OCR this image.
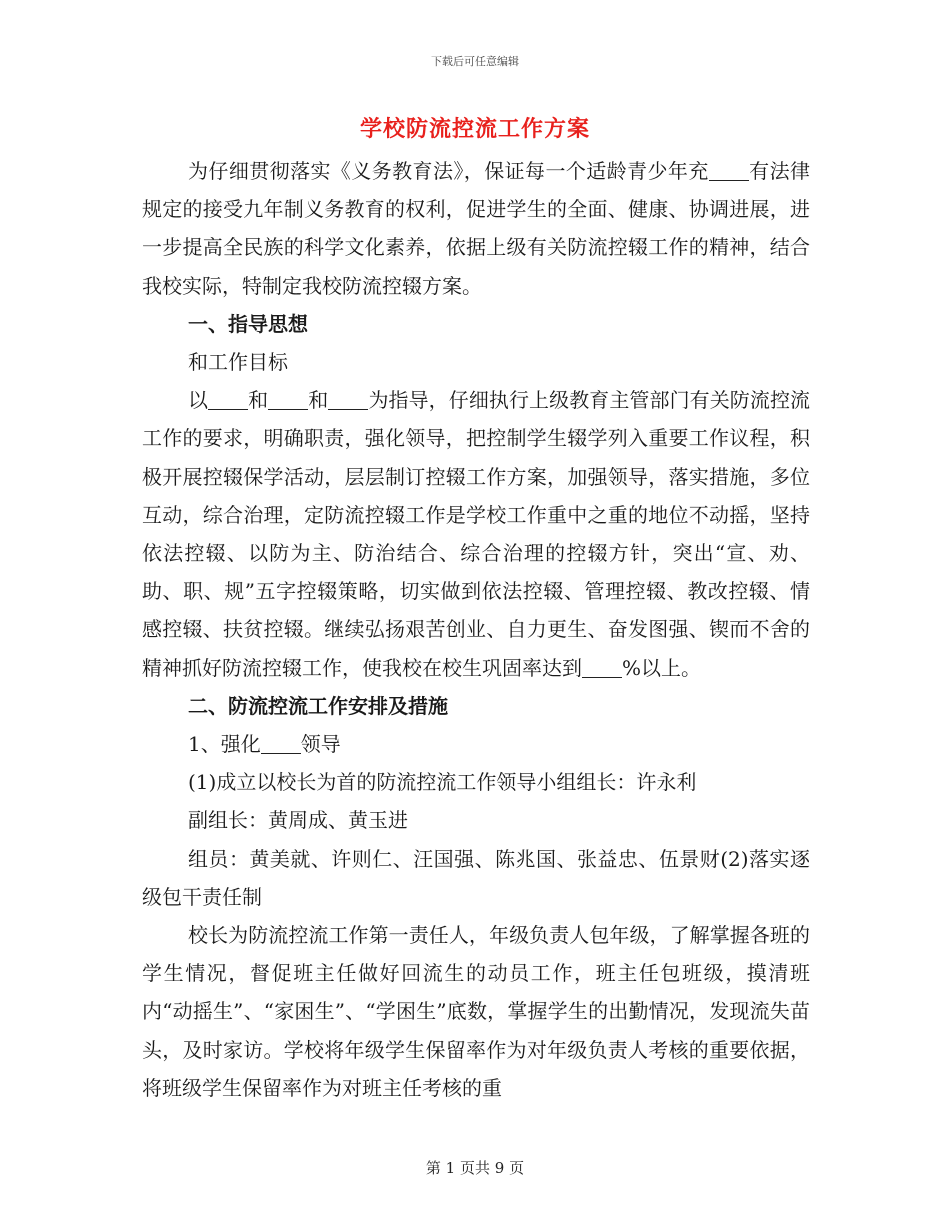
下载后可任意编辑
学校防流控流工作方案

为仔细贯彻落实《义务教育法》，保证每一个适龄青少年充 有法律规定的接受九年制义务教育的权利，促进学生的全面、健康、协调进展，进一步提高全民族的科学文化素养，依据上级有关防流控辍工作的精神，结合我校实际，特制定我校防流控辍方案。

一、指导思想

和工作目标

以 和 和 为指导，仔细执行上级教育主管部门有关防流控流工作的要求，明确职责，强化领导，把控制学生辍学列入重要工作议程，积极开展控辍保学活动，层层制订控辍工作方案，加强领导，落实措施，多位互动，综合治理，定防流控辍工作是学校工作重中之重的地位不动摇，坚持依法控辍、以防为主、防治结合、综合治理的控辍方针，突出“宣、劝、助、职、规”五字控辍策略，切实做到依法控辍、管理控辍、教改控辍、情感控辍、扶贫控辍。继续弘扬艰苦创业、自力更生、奋发图强、锲而不舍的精神抓好防流控辍工作，使我校在校生巩固率达到 %以上。

二、防流控流工作安排及措施

1、强化 领导

(1)成立以校长为首的防流控流工作领导小组组长：许永利

副组长：黄周成、黄玉进

组员：黄美就、许则仁、汪国强、陈兆国、张益忠、伍景财(2)落实逐级包干责任制

校长为防流控流工作第一责任人，年级负责人包年级，了解掌握各班的学生情况，督促班主任做好回流生的动员工作，班主任包班级，摸清班内“动摇生”、“家困生”、“学困生”底数，掌握学生的出勤情况，发现流失苗头，及时家访。学校将年级学生保留率作为对年级负责人考核的重要依据，将班级学生保留率作为对班主任考核的重

第 1 页共 9 页
